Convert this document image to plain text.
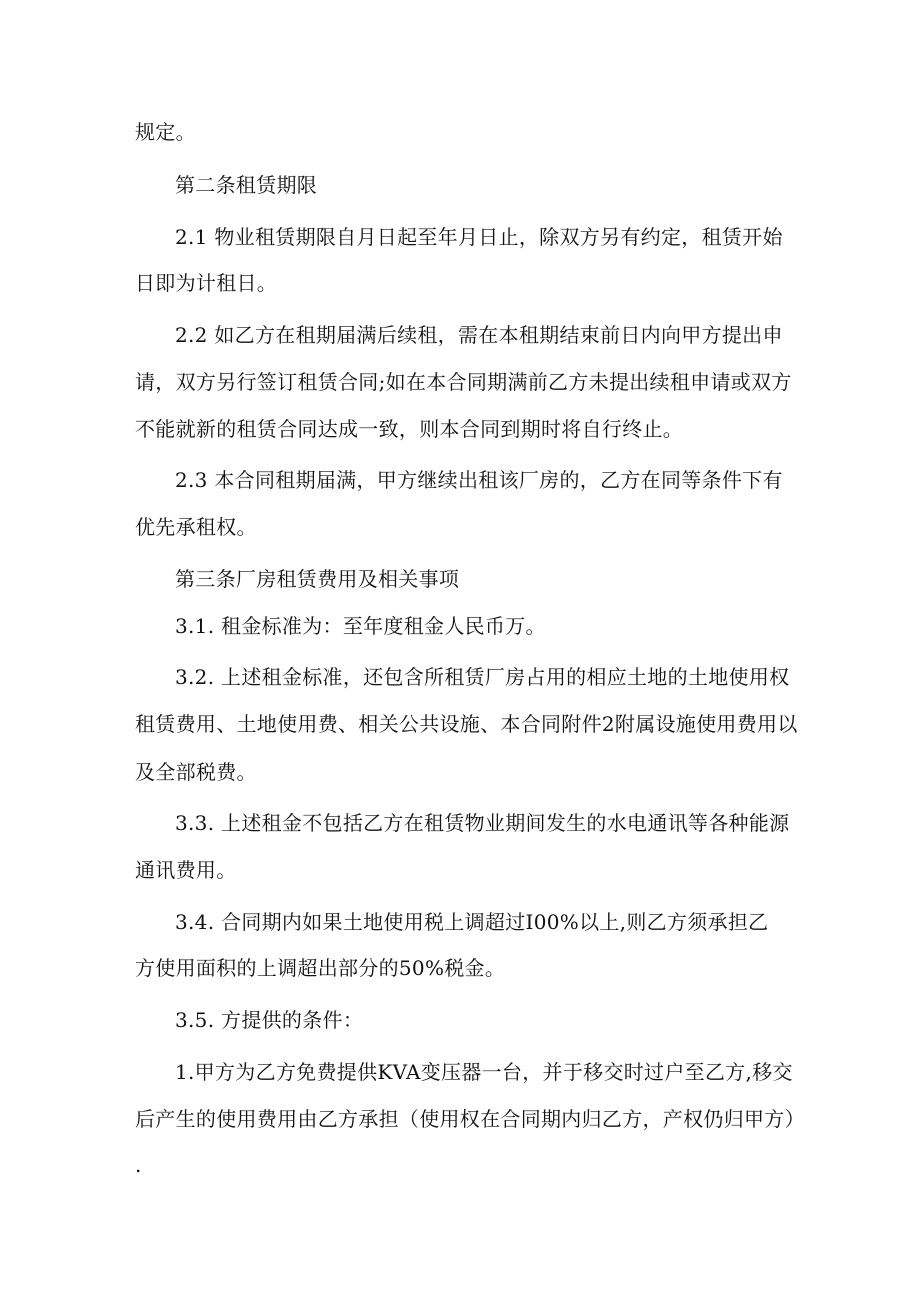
规定。
第二条租赁期限
2.1 物业租赁期限自月日起至年月日止，除双方另有约定，租赁开始
日即为计租日。
2.2 如乙方在租期届满后续租，需在本租期结束前日内向甲方提出申
请，双方另行签订租赁合同;如在本合同期满前乙方未提出续租申请或双方
不能就新的租赁合同达成一致，则本合同到期时将自行终止。
2.3 本合同租期届满，甲方继续出租该厂房的，乙方在同等条件下有
优先承租权。
第三条厂房租赁费用及相关事项
3.1. 租金标准为：至年度租金人民币万。
3.2. 上述租金标准，还包含所租赁厂房占用的相应土地的土地使用权
租赁费用、土地使用费、相关公共设施、本合同附件2附属设施使用费用以
及全部税费。
3.3. 上述租金不包括乙方在租赁物业期间发生的水电通讯等各种能源
通讯费用。
3.4. 合同期内如果土地使用税上调超过I00%以上,则乙方须承担乙
方使用面积的上调超出部分的50%税金。
3.5. 方提供的条件：
1.甲方为乙方免费提供KVA变压器一台，并于移交时过户至乙方,移交
后产生的使用费用由乙方承担（使用权在合同期内归乙方，产权仍归甲方）
.
